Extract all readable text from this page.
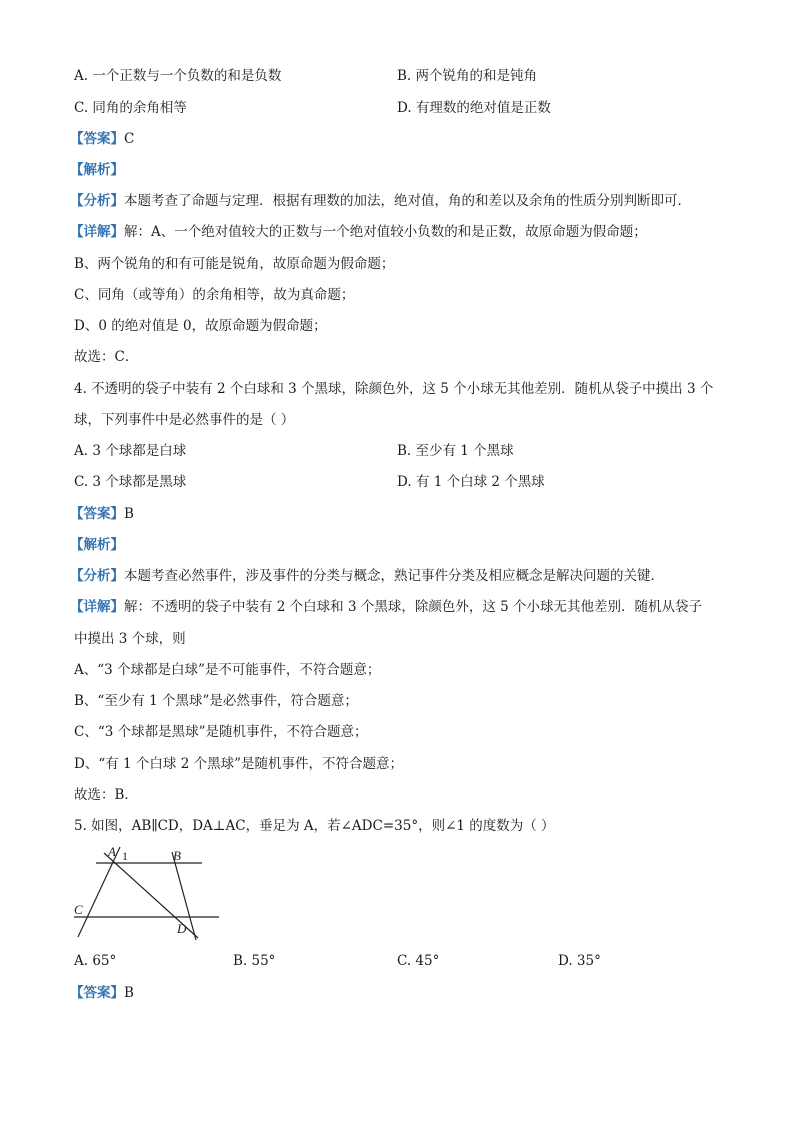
A. 一个正数与一个负数的和是负数	B. 两个锐角的和是钝角
C. 同角的余角相等	D. 有理数的绝对值是正数
【答案】C
【解析】
【分析】本题考查了命题与定理．根据有理数的加法，绝对值，角的和差以及余角的性质分别判断即可．
【详解】解：A、一个绝对值较大的正数与一个绝对值较小负数的和是正数，故原命题为假命题；
B、两个锐角的和有可能是锐角，故原命题为假命题；
C、同角（或等角）的余角相等，故为真命题；
D、0 的绝对值是 0，故原命题为假命题；
故选：C．
4. 不透明的袋子中装有 2 个白球和 3 个黑球，除颜色外，这 5 个小球无其他差别．随机从袋子中摸出 3 个
球，下列事件中是必然事件的是（ ）
A. 3 个球都是白球	B. 至少有 1 个黑球
C. 3 个球都是黑球	D. 有 1 个白球 2 个黑球
【答案】B
【解析】
【分析】本题考查必然事件，涉及事件的分类与概念，熟记事件分类及相应概念是解决问题的关键．
【详解】解：不透明的袋子中装有 2 个白球和 3 个黑球，除颜色外，这 5 个小球无其他差别．随机从袋子
中摸出 3 个球，则
A、“3 个球都是白球”是不可能事件，不符合题意；
B、“至少有 1 个黑球”是必然事件，符合题意；
C、“3 个球都是黑球”是随机事件，不符合题意；
D、“有 1 个白球 2 个黑球”是随机事件，不符合题意；
故选：B．
5. 如图，AB∥CD，DA⊥AC，垂足为 A，若∠ADC=35°，则∠1 的度数为（ ）
A 1	B
C
D
A. 65°	B. 55°	C. 45°	D. 35°
【答案】B
